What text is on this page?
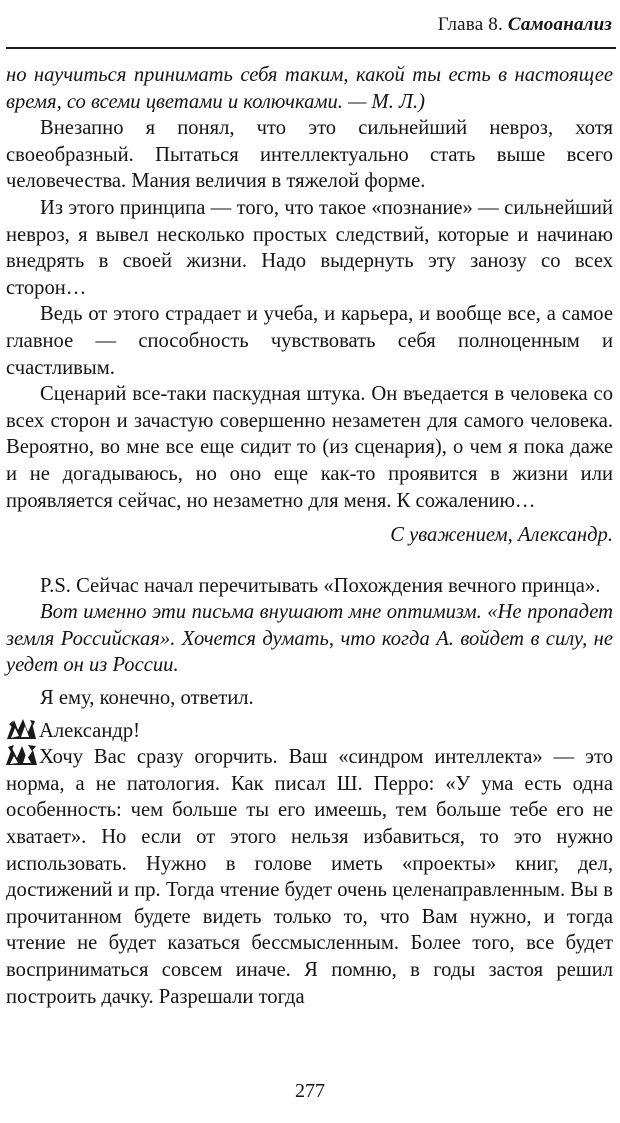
Глава 8. Самоанализ

но научиться принимать себя таким, какой ты есть в настоящее время, со всеми цветами и колючками. — М. Л.)

Внезапно я понял, что это сильнейший невроз, хотя своеобразный. Пытаться интеллектуально стать выше всего человечества. Мания величия в тяжелой форме.

Из этого принципа — того, что такое «познание» — сильнейший невроз, я вывел несколько простых следствий, которые и начинаю внедрять в своей жизни. Надо выдернуть эту занозу со всех сторон…

Ведь от этого страдает и учеба, и карьера, и вообще все, а самое главное — способность чувствовать себя полноценным и счастливым.

Сценарий все-таки паскудная штука. Он въедается в человека со всех сторон и зачастую совершенно незаметен для самого человека. Вероятно, во мне все еще сидит то (из сценария), о чем я пока даже и не догадываюсь, но оно еще как-то проявится в жизни или проявляется сейчас, но незаметно для меня. К сожалению…

С уважением, Александр.

P.S. Сейчас начал перечитывать «Похождения вечного принца».

Вот именно эти письма внушают мне оптимизм. «Не пропадет земля Российская». Хочется думать, что когда А. войдет в силу, не уедет он из России.

Я ему, конечно, ответил.

Александр!

Хочу Вас сразу огорчить. Ваш «синдром интеллекта» — это норма, а не патология. Как писал Ш. Перро: «У ума есть одна особенность: чем больше ты его имеешь, тем больше тебе его не хватает». Но если от этого нельзя избавиться, то это нужно использовать. Нужно в голове иметь «проекты» книг, дел, достижений и пр. Тогда чтение будет очень целенаправленным. Вы в прочитанном будете видеть только то, что Вам нужно, и тогда чтение не будет казаться бессмысленным. Более того, все будет восприниматься совсем иначе. Я помню, в годы застоя решил построить дачку. Разрешали тогда

277
